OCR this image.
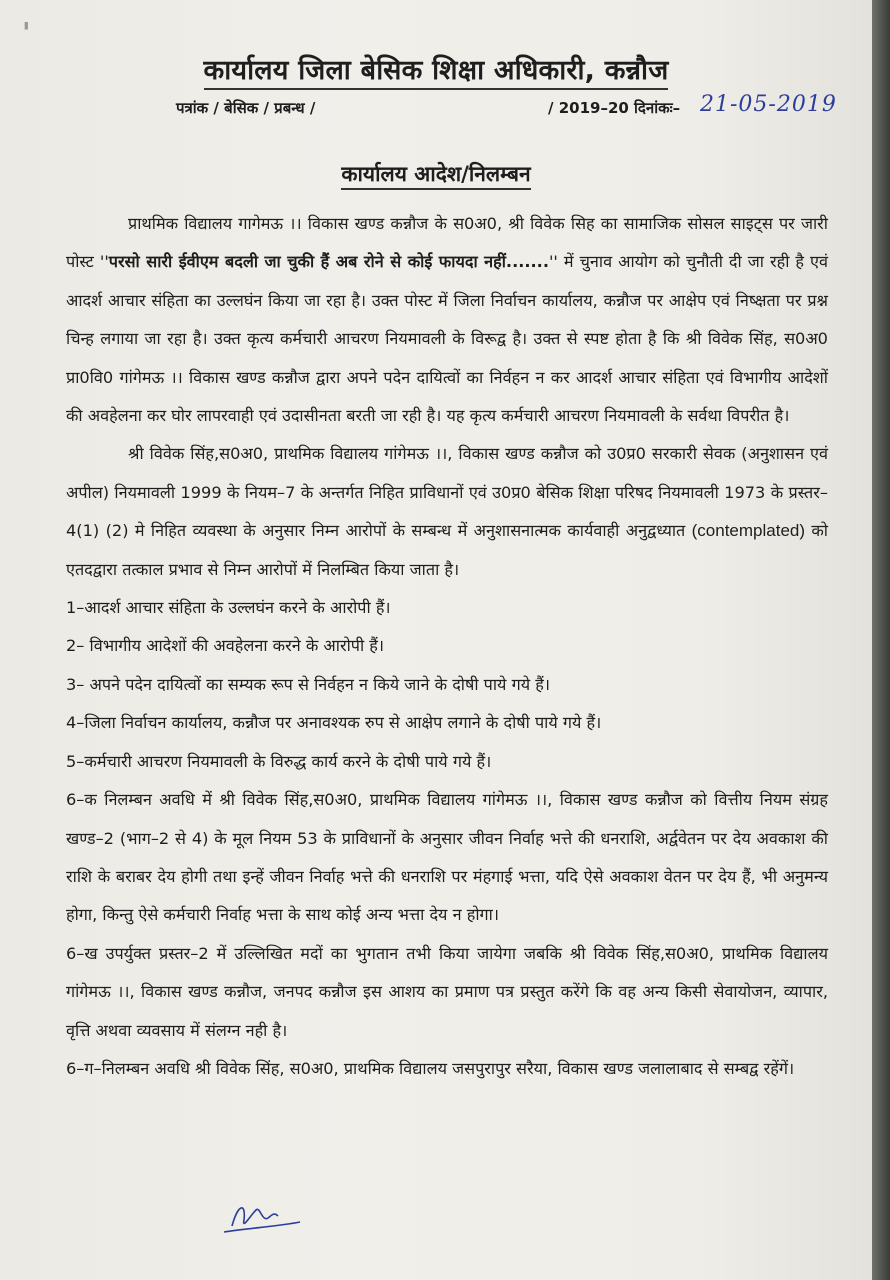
'
कार्यालय जिला बेसिक शिक्षा अधिकारी, कन्नौज
पत्रांक / बेसिक / प्रबन्ध /	/ 2019–20 दिनांकः– 21-05-2019
कार्यालय आदेश/निलम्बन

प्राथमिक विद्यालय गागेमऊ ।। विकास खण्ड कन्नौज के स0अ0, श्री विवेक सिह का सामाजिक सोसल साइट्स पर जारी पोस्ट ''परसो सारी ईवीएम बदली जा चुकी हैं अब रोने से कोई फायदा नहीं.......'' में चुनाव आयोग को चुनौती दी जा रही है एवं आदर्श आचार संहिता का उल्लघंन किया जा रहा है। उक्त पोस्ट में जिला निर्वाचन कार्यालय, कन्नौज पर आक्षेप एवं निष्क्षता पर प्रश्न चिन्ह लगाया जा रहा है। उक्त कृत्य कर्मचारी आचरण नियमावली के विरूद्व है। उक्त से स्पष्ट होता है कि श्री विवेक सिंह, स0अ0 प्रा0वि0 गांगेमऊ ।। विकास खण्ड कन्नौज द्वारा अपने पदेन दायित्वों का निर्वहन न कर आदर्श आचार संहिता एवं विभागीय आदेशों की अवहेलना कर घोर लापरवाही एवं उदासीनता बरती जा रही है। यह कृत्य कर्मचारी आचरण नियमावली के सर्वथा विपरीत है।

श्री विवेक सिंह,स0अ0, प्राथमिक विद्यालय गांगेमऊ ।।, विकास खण्ड कन्नौज को उ0प्र0 सरकारी सेवक (अनुशासन एवं अपील) नियमावली 1999 के नियम–7 के अन्तर्गत निहित प्राविधानों एवं उ0प्र0 बेसिक शिक्षा परिषद नियमावली 1973 के प्रस्तर–4(1) (2) मे निहित व्यवस्था के अनुसार निम्न आरोपों के सम्बन्ध में अनुशासनात्मक कार्यवाही अनुद्वध्यात (contemplated) को एतदद्वारा तत्काल प्रभाव से निम्न आरोपों में निलम्बित किया जाता है।

1–आदर्श आचार संहिता के उल्लघंन करने के आरोपी हैं।

2– विभागीय आदेशों की अवहेलना करने के आरोपी हैं।

3– अपने पदेन दायित्वों का सम्यक रूप से निर्वहन न किये जाने के दोषी पाये गये हैं।

4–जिला निर्वाचन कार्यालय, कन्नौज पर अनावश्यक रुप से आक्षेप लगाने के दोषी पाये गये हैं।

5–कर्मचारी आचरण नियमावली के विरुद्ध कार्य करने के दोषी पाये गये हैं।

6–क निलम्बन अवधि में श्री विवेक सिंह,स0अ0, प्राथमिक विद्यालय गांगेमऊ ।।, विकास खण्ड कन्नौज को वित्तीय नियम संग्रह खण्ड–2 (भाग–2 से 4) के मूल नियम 53 के प्राविधानों के अनुसार जीवन निर्वाह भत्ते की धनराशि, अर्द्ववेतन पर देय अवकाश की राशि के बराबर देय होगी तथा इन्हें जीवन निर्वाह भत्ते की धनराशि पर मंहगाई भत्ता, यदि ऐसे अवकाश वेतन पर देय हैं, भी अनुमन्य होगा, किन्तु ऐसे कर्मचारी निर्वाह भत्ता के साथ कोई अन्य भत्ता देय न होगा।

6–ख उपर्युक्त प्रस्तर–2 में उल्लिखित मदों का भुगतान तभी किया जायेगा जबकि श्री विवेक सिंह,स0अ0, प्राथमिक विद्यालय गांगेमऊ ।।, विकास खण्ड कन्नौज, जनपद कन्नौज इस आशय का प्रमाण पत्र प्रस्तुत करेंगे कि वह अन्य किसी सेवायोजन, व्यापार, वृत्ति अथवा व्यवसाय में संलग्न नही है।

6–ग–निलम्बन अवधि श्री विवेक सिंह, स0अ0, प्राथमिक विद्यालय जसपुरापुर सरैया, विकास खण्ड जलालाबाद से सम्बद्व रहेंगें।
